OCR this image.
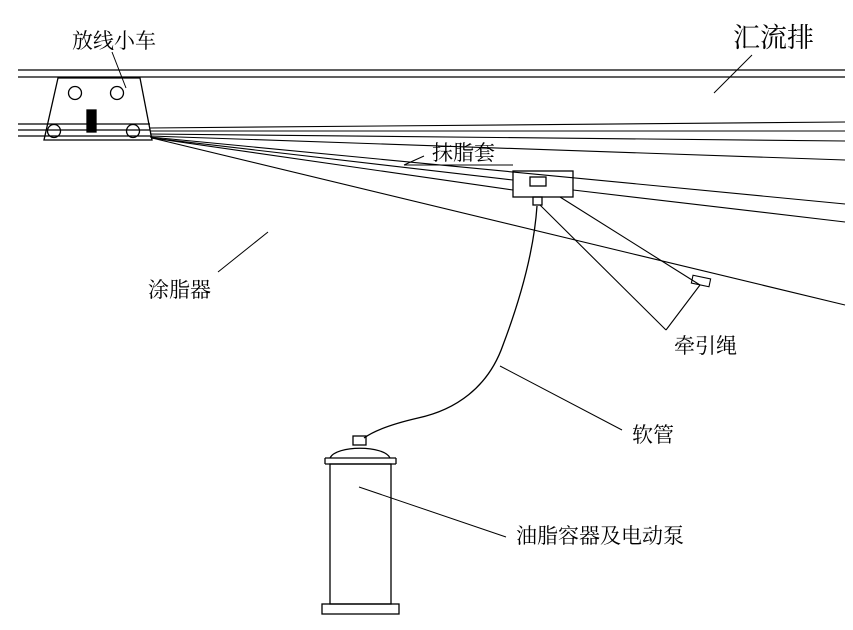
放线小车	汇流排
抹脂套
涂脂器
牵引绳
软管
油脂容器及电动泵
